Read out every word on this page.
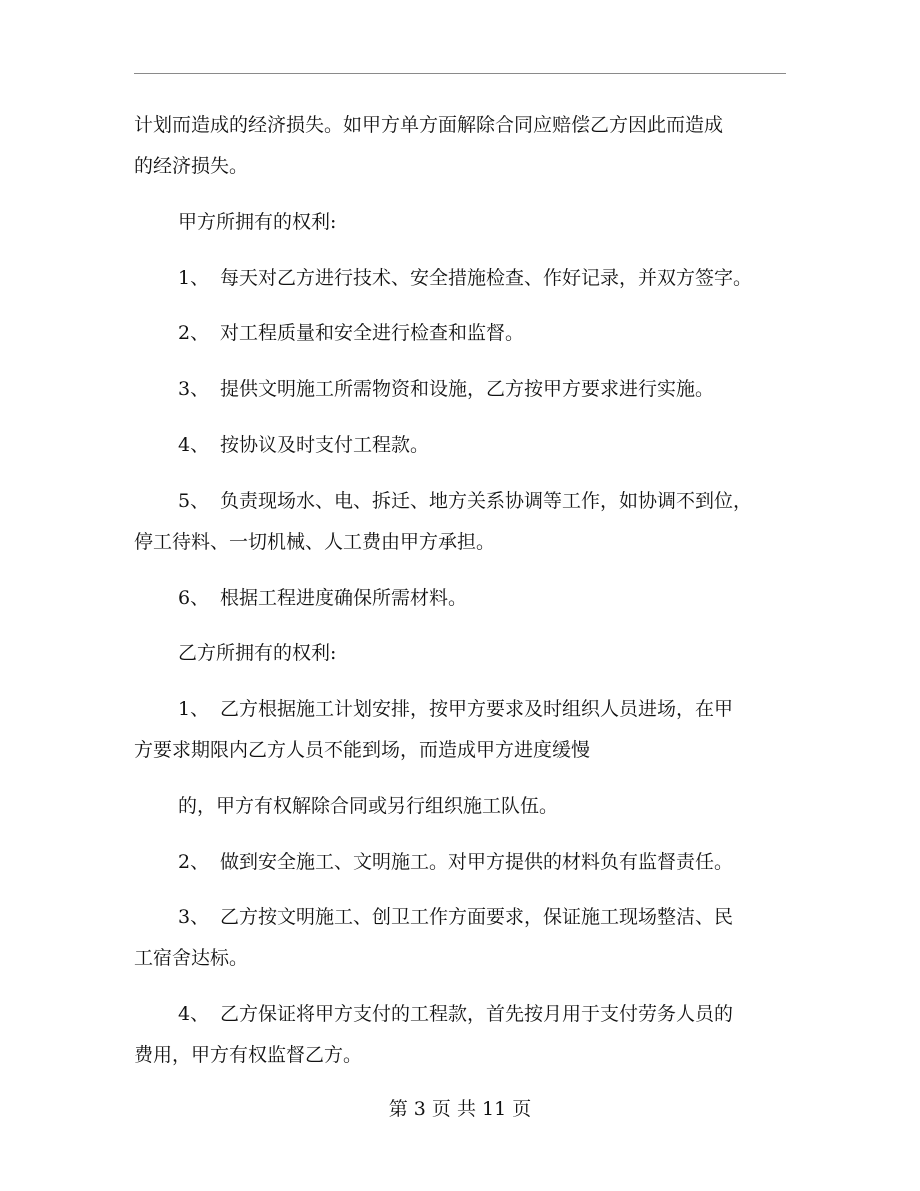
计划而造成的经济损失。如甲方单方面解除合同应赔偿乙方因此而造成
的经济损失。
甲方所拥有的权利:
1、 每天对乙方进行技术、安全措施检查、作好记录，并双方签字。
2、 对工程质量和安全进行检查和监督。
3、 提供文明施工所需物资和设施，乙方按甲方要求进行实施。
4、 按协议及时支付工程款。
5、 负责现场水、电、拆迁、地方关系协调等工作，如协调不到位，
停工待料、一切机械、人工费由甲方承担。
6、 根据工程进度确保所需材料。
乙方所拥有的权利:
1、 乙方根据施工计划安排，按甲方要求及时组织人员进场，在甲
方要求期限内乙方人员不能到场，而造成甲方进度缓慢
的，甲方有权解除合同或另行组织施工队伍。
2、 做到安全施工、文明施工。对甲方提供的材料负有监督责任。
3、 乙方按文明施工、创卫工作方面要求，保证施工现场整洁、民
工宿舍达标。
4、 乙方保证将甲方支付的工程款，首先按月用于支付劳务人员的
费用，甲方有权监督乙方。
第 3 页 共 11 页
